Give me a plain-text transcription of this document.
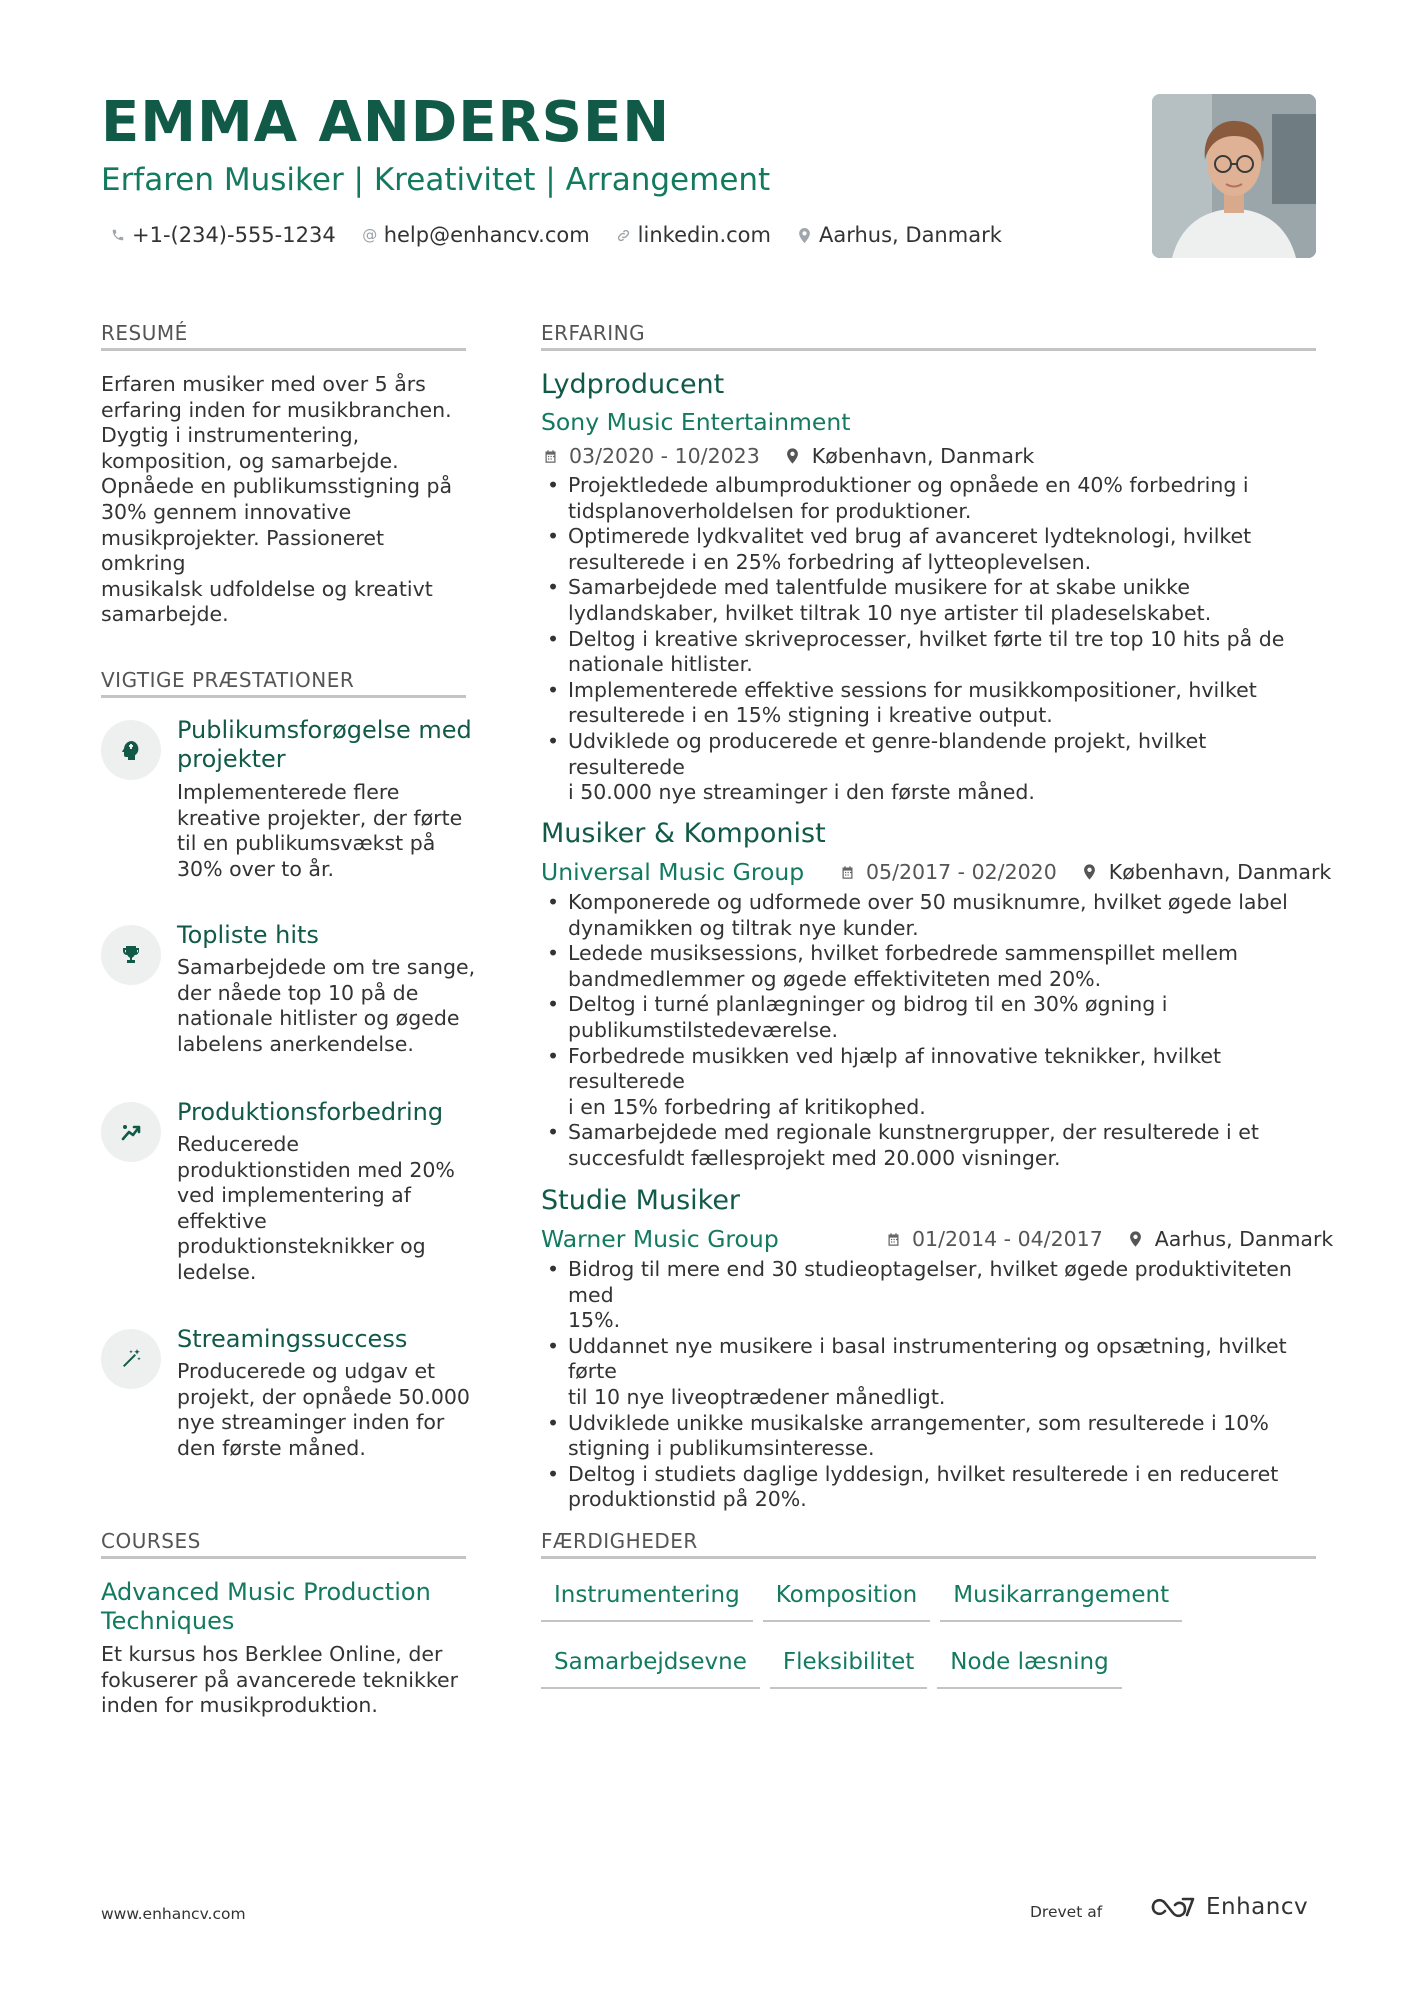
EMMA ANDERSEN
Erfaren Musiker | Kreativitet | Arrangement
+1-(234)-555-1234 @ help@enhancv.com linkedin.com Aarhus, Danmark
RESUMÉ
Erfaren musiker med over 5 års
erfaring inden for musikbranchen.
Dygtig i instrumentering,
komposition, og samarbejde.
Opnåede en publikumsstigning på
30% gennem innovative
musikprojekter. Passioneret omkring
musikalsk udfoldelse og kreativt
samarbejde.
VIGTIGE PRÆSTATIONER
Publikumsforøgelse med
projekter
Implementerede flere
kreative projekter, der førte
til en publikumsvækst på
30% over to år.
Topliste hits
Samarbejdede om tre sange,
der nåede top 10 på de
nationale hitlister og øgede
labelens anerkendelse.
Produktionsforbedring
Reducerede
produktionstiden med 20%
ved implementering af
effektive
produktionsteknikker og
ledelse.
Streamingssuccess
Producerede og udgav et
projekt, der opnåede 50.000
nye streaminger inden for
den første måned.
COURSES
Advanced Music Production
Techniques
Et kursus hos Berklee Online, der
fokuserer på avancerede teknikker
inden for musikproduktion.
ERFARING
Lydproducent
Sony Music Entertainment
03/2020 - 10/2023	København, Danmark
• Projektledede albumproduktioner og opnåede en 40% forbedring i
tidsplanoverholdelsen for produktioner.
• Optimerede lydkvalitet ved brug af avanceret lydteknologi, hvilket
resulterede i en 25% forbedring af lytteoplevelsen.
• Samarbejdede med talentfulde musikere for at skabe unikke
lydlandskaber, hvilket tiltrak 10 nye artister til pladeselskabet.
• Deltog i kreative skriveprocesser, hvilket førte til tre top 10 hits på de
nationale hitlister.
• Implementerede effektive sessions for musikkompositioner, hvilket
resulterede i en 15% stigning i kreative output.
• Udviklede og producerede et genre-blandende projekt, hvilket resulterede
i 50.000 nye streaminger i den første måned.
Musiker & Komponist
Universal Music Group	05/2017 - 02/2020	København, Danmark
• Komponerede og udformede over 50 musiknumre, hvilket øgede label
dynamikken og tiltrak nye kunder.
• Ledede musiksessions, hvilket forbedrede sammenspillet mellem
bandmedlemmer og øgede effektiviteten med 20%.
• Deltog i turné planlægninger og bidrog til en 30% øgning i
publikumstilstedeværelse.
• Forbedrede musikken ved hjælp af innovative teknikker, hvilket resulterede
i en 15% forbedring af kritikophed.
• Samarbejdede med regionale kunstnergrupper, der resulterede i et
succesfuldt fællesprojekt med 20.000 visninger.
Studie Musiker
Warner Music Group	01/2014 - 04/2017	Aarhus, Danmark
• Bidrog til mere end 30 studieoptagelser, hvilket øgede produktiviteten med
15%.
• Uddannet nye musikere i basal instrumentering og opsætning, hvilket førte
til 10 nye liveoptrædener månedligt.
• Udviklede unikke musikalske arrangementer, som resulterede i 10%
stigning i publikumsinteresse.
• Deltog i studiets daglige lyddesign, hvilket resulterede i en reduceret
produktionstid på 20%.
FÆRDIGHEDER
Instrumentering	Komposition	Musikarrangement
Samarbejdsevne	Fleksibilitet	Node læsning
www.enhancv.com	Drevet af	Enhancv
